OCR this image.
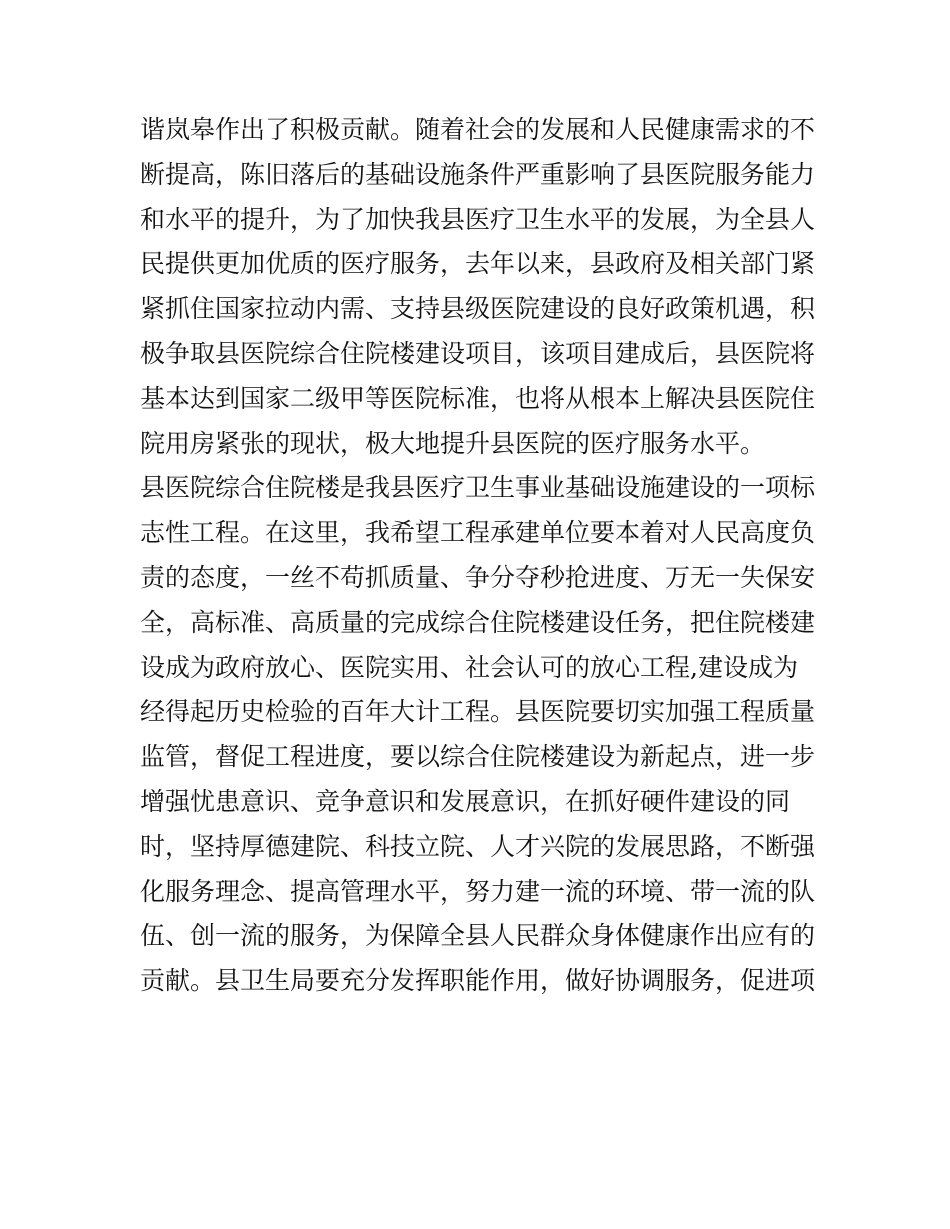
谐岚皋作出了积极贡献。随着社会的发展和人民健康需求的不
断提高，陈旧落后的基础设施条件严重影响了县医院服务能力
和水平的提升，为了加快我县医疗卫生水平的发展，为全县人
民提供更加优质的医疗服务，去年以来，县政府及相关部门紧
紧抓住国家拉动内需、支持县级医院建设的良好政策机遇，积
极争取县医院综合住院楼建设项目，该项目建成后，县医院将
基本达到国家二级甲等医院标准，也将从根本上解决县医院住
院用房紧张的现状，极大地提升县医院的医疗服务水平。
县医院综合住院楼是我县医疗卫生事业基础设施建设的一项标
志性工程。在这里，我希望工程承建单位要本着对人民高度负
责的态度，一丝不苟抓质量、争分夺秒抢进度、万无一失保安
全，高标准、高质量的完成综合住院楼建设任务，把住院楼建
设成为政府放心、医院实用、社会认可的放心工程,建设成为
经得起历史检验的百年大计工程。县医院要切实加强工程质量
监管，督促工程进度，要以综合住院楼建设为新起点，进一步
增强忧患意识、竞争意识和发展意识，在抓好硬件建设的同
时，坚持厚德建院、科技立院、人才兴院的发展思路，不断强
化服务理念、提高管理水平，努力建一流的环境、带一流的队
伍、创一流的服务，为保障全县人民群众身体健康作出应有的
贡献。县卫生局要充分发挥职能作用，做好协调服务，促进项
